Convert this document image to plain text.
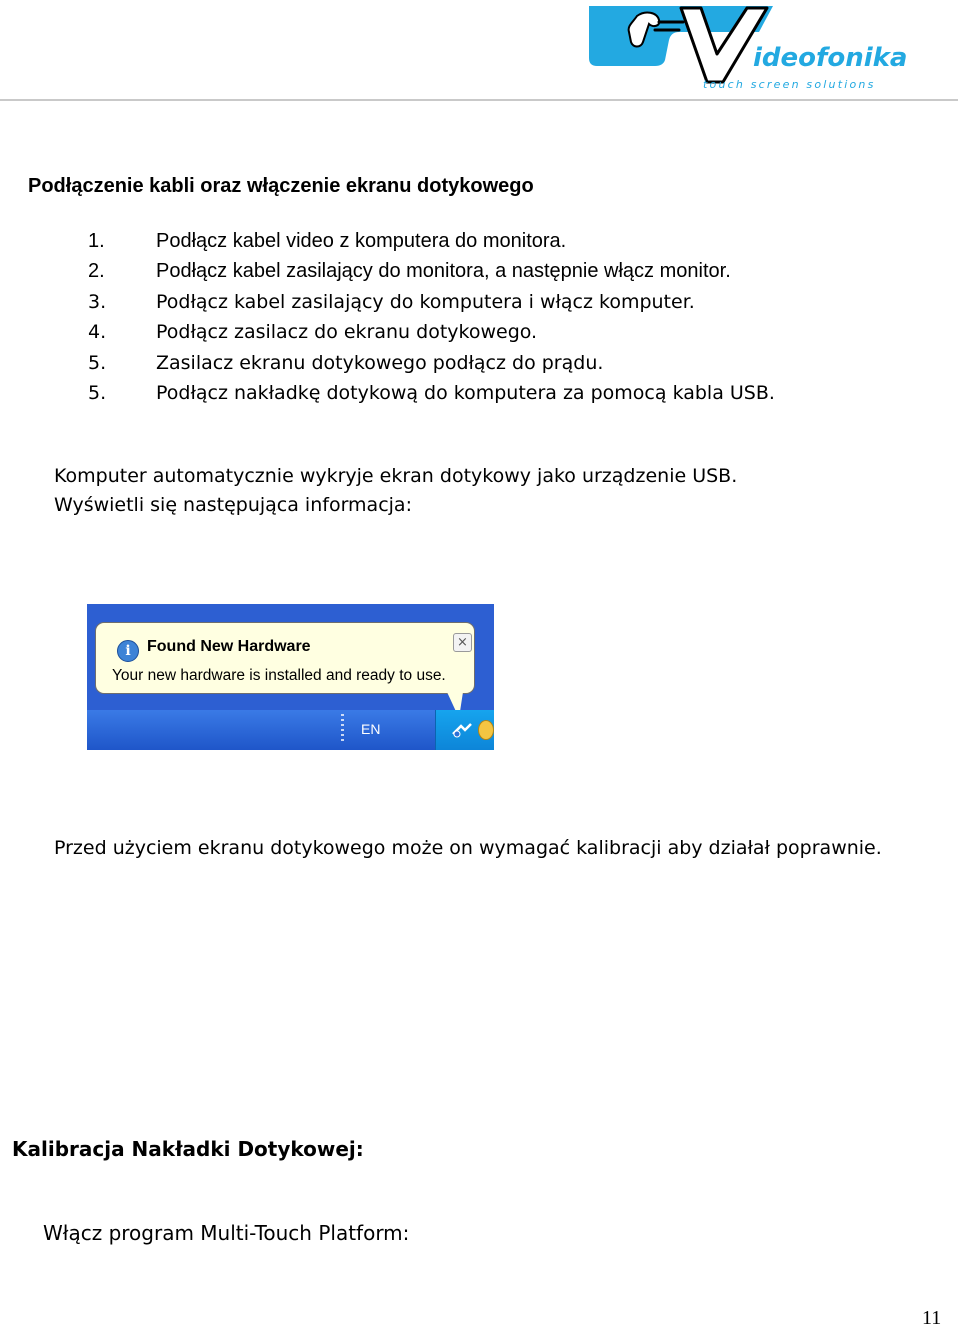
ideofonika
touch screen solutions
Podłączenie kabli oraz włączenie ekranu dotykowego
1.	Podłącz kabel video z komputera do monitora.
2.	Podłącz kabel zasilający do monitora, a następnie włącz monitor.
3.	Podłącz kabel zasilający do komputera i włącz komputer.
4.	Podłącz zasilacz do ekranu dotykowego.
5.	Zasilacz ekranu dotykowego podłącz do prądu.
5.	Podłącz nakładkę dotykową do komputera za pomocą kabla USB.

Komputer automatycznie wykryje ekran dotykowy jako urządzenie USB. Wyświetli się następująca informacja:

i	Found New Hardware	×
Your new hardware is installed and ready to use.
EN

Przed użyciem ekranu dotykowego może on wymagać kalibracji aby działał poprawnie.

Kalibracja Nakładki Dotykowej:
Włącz program Multi-Touch Platform:
11
